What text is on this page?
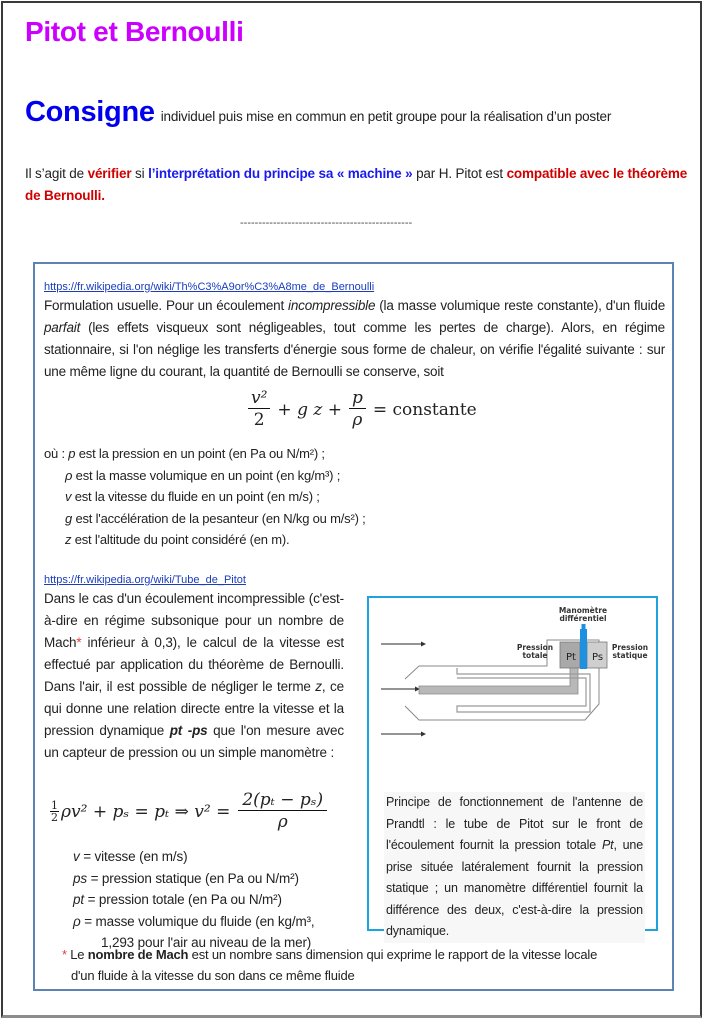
Pitot et Bernoulli
Consigne individuel puis mise en commun en petit groupe pour la réalisation d’un poster
Il s’agit de vérifier si l’interprétation du principe sa « machine » par H. Pitot est compatible avec le théorème de Bernoulli.
-----------------------------------------------
https://fr.wikipedia.org/wiki/Th%C3%A9or%C3%A8me_de_Bernoulli
Formulation usuelle. Pour un écoulement incompressible (la masse volumique reste constante), d'un fluide parfait (les effets visqueux sont négligeables, tout comme les pertes de charge). Alors, en régime stationnaire, si l'on néglige les transferts d'énergie sous forme de chaleur, on vérifie l'égalité suivante : sur une même ligne du courant, la quantité de Bernoulli se conserve, soit
$\frac{\text{v²}}{2} + g$ $z + \frac{p}{\rho}$ = constante
où : p est la pression en un point (en Pa ou N/m²) ;
ρ est la masse volumique en un point (en kg/m³) ;
v est la vitesse du fluide en un point (en m/s) ;
g est l'accélération de la pesanteur (en N/kg ou m/s²) ;
z est l'altitude du point considéré (en m).
https://fr.wikipedia.org/wiki/Tube_de_Pitot
Dans le cas d'un écoulement incompressible (c'est-à-dire en régime subsonique pour un nombre de Mach* inférieur à 0,3), le calcul de la vitesse est effectué par application du théorème de Bernoulli. Dans l'air, il est possible de négliger le terme z, ce qui donne une relation directe entre la vitesse et la pression dynamique pt -ps que l'on mesure avec un capteur de pression ou un simple manomètre :
$\frac{1}{2} \rho v^2 + p_s = p_t$ ⇒ $v^2 = \frac{\text{2(pₜ − pₛ)}}{\rho}$
v = vitesse (en m/s)
ps = pression statique (en Pa ou N/m²)
pt = pression totale (en Pa ou N/m²)
ρ = masse volumique du fluide (en kg/m³,
1,293 pour l'air au niveau de la mer)
* Le nombre de Mach est un nombre sans dimension qui exprime le rapport de la vitesse locale
d'un fluide à la vitesse du son dans ce même fluide
Pt Ps
Manomètre
différentiel
Pression
totale
Pression
statique
Principe de fonctionnement de l'antenne de Prandtl : le tube de Pitot sur le front de l'écoulement fournit la pression totale Pt, une prise située latéralement fournit la pression statique ; un manomètre différentiel fournit la différence des deux, c'est-à-dire la pression dynamique.
